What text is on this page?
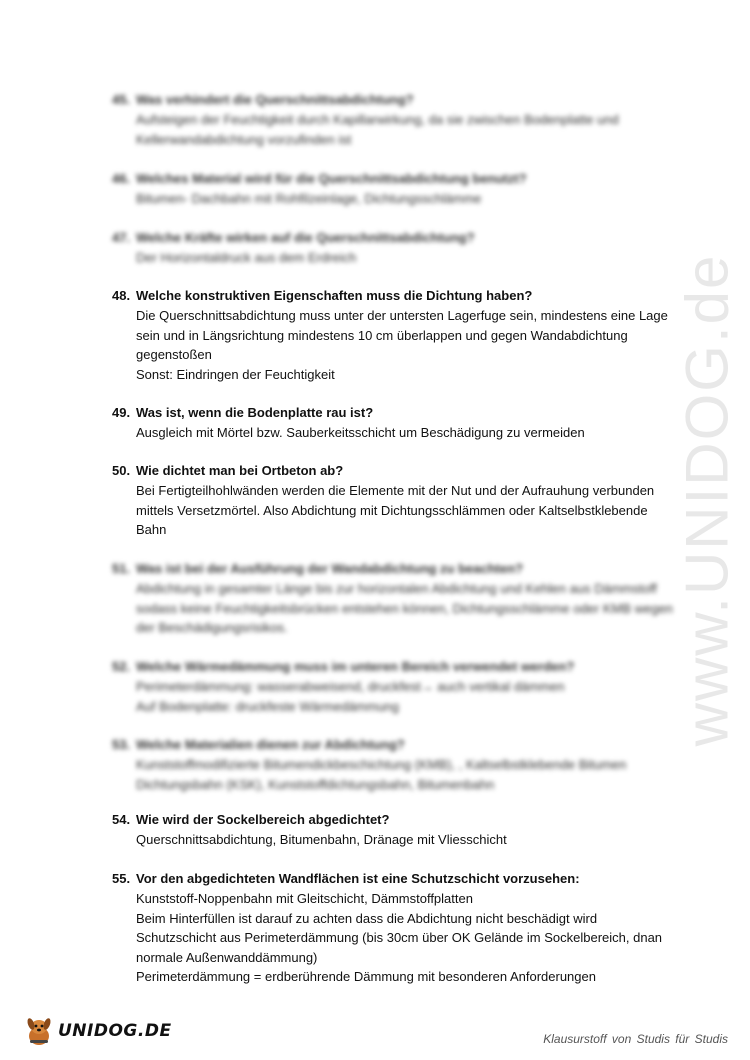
www.UNIDOG.de
45. Was verhindert die Querschnittsabdichtung?
Aufsteigen der Feuchtigkeit durch Kapillarwirkung, da sie zwischen Bodenplatte und
Kellerwandabdichtung vorzufinden ist
46. Welches Material wird für die Querschnittsabdichtung benutzt?
Bitumen- Dachbahn mit Rohfilzeinlage, Dichtungsschlämme
47. Welche Kräfte wirken auf die Querschnittsabdichtung?
Der Horizontaldruck aus dem Erdreich
48. Welche konstruktiven Eigenschaften muss die Dichtung haben?
Die Querschnittsabdichtung muss unter der untersten Lagerfuge sein, mindestens eine Lage
sein und in Längsrichtung mindestens 10 cm überlappen und gegen Wandabdichtung
gegenstoßen
Sonst: Eindringen der Feuchtigkeit
49. Was ist, wenn die Bodenplatte rau ist?
Ausgleich mit Mörtel bzw. Sauberkeitsschicht um Beschädigung zu vermeiden
50. Wie dichtet man bei Ortbeton ab?
Bei Fertigteilhohlwänden werden die Elemente mit der Nut und der Aufrauhung verbunden
mittels Versetzmörtel. Also Abdichtung mit Dichtungsschlämmen oder Kaltselbstklebende
Bahn
51. Was ist bei der Ausführung der Wandabdichtung zu beachten?
Abdichtung in gesamter Länge bis zur horizontalen Abdichtung und Kehlen aus Dämmstoff
sodass keine Feuchtigkeitsbrücken entstehen können, Dichtungsschlämme oder KMB wegen
der Beschädigungsrisikos.
52. Welche Wärmedämmung muss im unteren Bereich verwendet werden?
Perimeterdämmung: wasserabweisend, druckfest→ auch vertikal dämmen
Auf Bodenplatte: druckfeste Wärmedämmung
53. Welche Materialien dienen zur Abdichtung?
Kunststoffmodifizierte Bitumendickbeschichtung (KMB), , Kaltselbstklebende Bitumen
Dichtungsbahn (KSK), Kunststoffdichtungsbahn, Bitumenbahn
54. Wie wird der Sockelbereich abgedichtet?
Querschnittsabdichtung, Bitumenbahn, Dränage mit Vliesschicht
55. Vor den abgedichteten Wandflächen ist eine Schutzschicht vorzusehen:
Kunststoff-Noppenbahn mit Gleitschicht, Dämmstoffplatten
Beim Hinterfüllen ist darauf zu achten dass die Abdichtung nicht beschädigt wird
Schutzschicht aus Perimeterdämmung (bis 30cm über OK Gelände im Sockelbereich, dnan
normale Außenwanddämmung)
Perimeterdämmung = erdberührende Dämmung mit besonderen Anforderungen
UNIDOG.DE	Klausurstoff von Studis für Studis
